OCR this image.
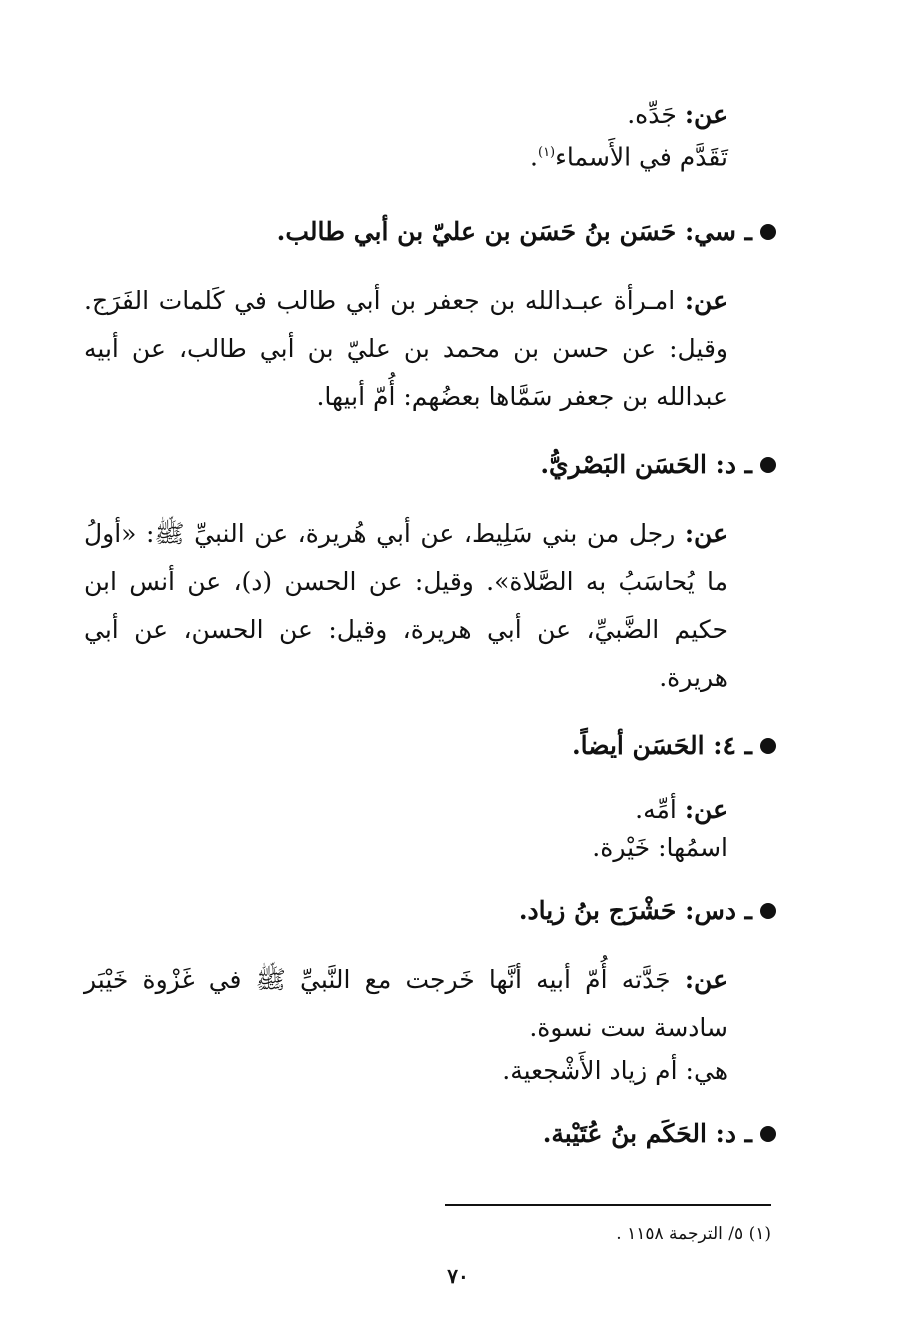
عن: جَدِّه.

تَقَدَّم في الأَسماء$^{(١)}$.

ـ سي: حَسَن بنُ حَسَن بن عليّ بن أبي طالب.

عن: امـرأة عبـدالله بن جعفر بن أبي طالب في كَلمات الفَرَج. وقيل: عن حسن بن محمد بن عليّ بن أبي طالب، عن أبيه عبدالله بن جعفر سَمَّاها بعضُهم: أُمّ أبيها.

ـ د: الحَسَن البَصْريُّ.

عن: رجل من بني سَلِيط، عن أبي هُريرة، عن النبيِّ ﷺ: «أولُ ما يُحاسَبُ به الصَّلاة». وقيل: عن الحسن (د)، عن أنس ابن حكيم الضَّبيِّ، عن أبي هريرة، وقيل: عن الحسن، عن أبي هريرة.

ـ ٤: الحَسَن أيضاً.

عن: أمِّه.

اسمُها: خَيْرة.

ـ دس: حَشْرَج بنُ زياد.

عن: جَدَّته أُمّ أبيه أنَّها خَرجت مع النَّبيِّ ﷺ في غَزْوة خَيْبَر سادسة ست نسوة.

هي: أم زياد الأَشْجعية.

ـ د: الحَكَم بنُ عُتَيْبة.

(١) ٥/ الترجمة ١١٥٨ .
٧٠
